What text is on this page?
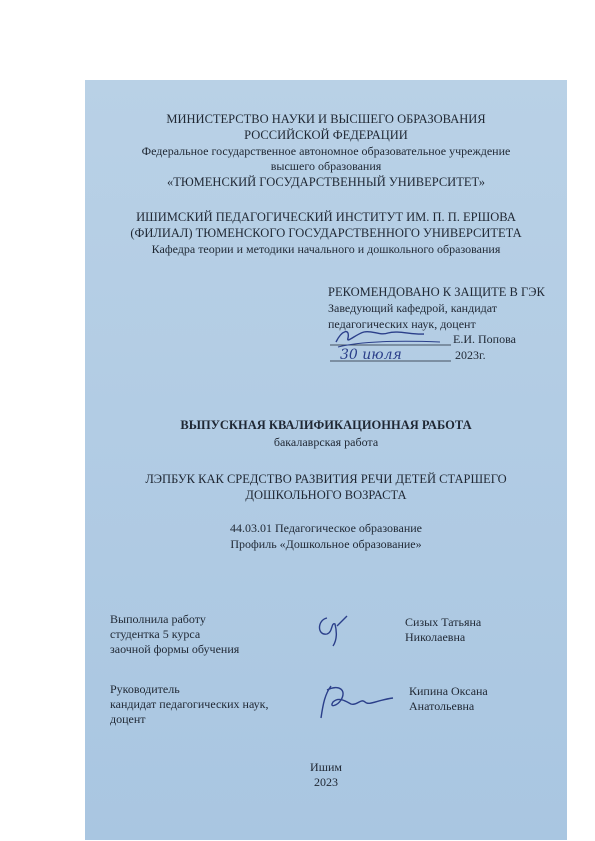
МИНИСТЕРСТВО НАУКИ И ВЫСШЕГО ОБРАЗОВАНИЯ
РОССИЙСКОЙ ФЕДЕРАЦИИ
Федеральное государственное автономное образовательное учреждение
высшего образования
«ТЮМЕНСКИЙ ГОСУДАРСТВЕННЫЙ УНИВЕРСИТЕТ»
ИШИМСКИЙ ПЕДАГОГИЧЕСКИЙ ИНСТИТУТ ИМ. П. П. ЕРШОВА
(ФИЛИАЛ) ТЮМЕНСКОГО ГОСУДАРСТВЕННОГО УНИВЕРСИТЕТА
Кафедра теории и методики начального и дошкольного образования
РЕКОМЕНДОВАНО К ЗАЩИТЕ В ГЭК
Заведующий кафедрой, кандидат
педагогических наук, доцент
Е.И. Попова
2023г.
30 июля
ВЫПУСКНАЯ КВАЛИФИКАЦИОННАЯ РАБОТА
бакалаврская работа
ЛЭПБУК КАК СРЕДСТВО РАЗВИТИЯ РЕЧИ ДЕТЕЙ СТАРШЕГО
ДОШКОЛЬНОГО ВОЗРАСТА
44.03.01 Педагогическое образование
Профиль «Дошкольное образование»
Выполнила работу
студентка 5 курса
заочной формы обучения
Сизых Татьяна
Николаевна
Руководитель
кандидат педагогических наук,
доцент
Кипина Оксана
Анатольевна
Ишим
2023
